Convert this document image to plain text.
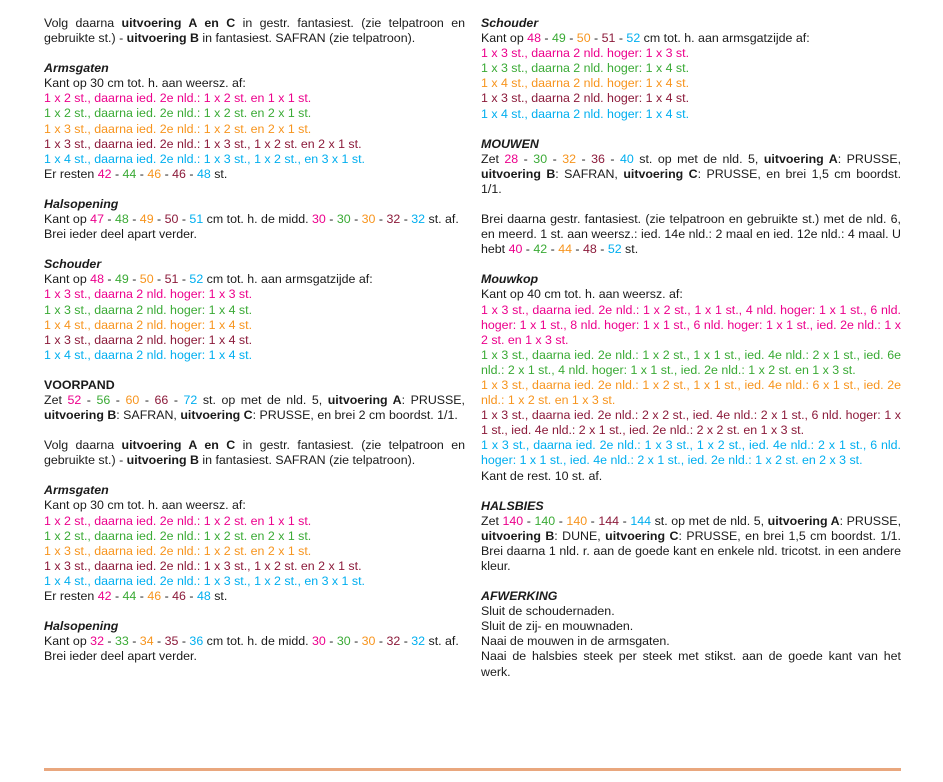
Volg daarna uitvoering A en C in gestr. fantasiest. (zie telpatroon en gebruikte st.) - uitvoering B in fantasiest. SAFRAN (zie telpatroon).
Armsgaten
Kant op 30 cm tot. h. aan weersz. af:
1 x 2 st., daarna ied. 2e nld.: 1 x 2 st. en 1 x 1 st.
1 x 2 st., daarna ied. 2e nld.: 1 x 2 st. en 2 x 1 st.
1 x 3 st., daarna ied. 2e nld.: 1 x 2 st. en 2 x 1 st.
1 x 3 st., daarna ied. 2e nld.: 1 x 3 st., 1 x 2 st. en 2 x 1 st.
1 x 4 st., daarna ied. 2e nld.: 1 x 3 st., 1 x 2 st., en 3 x 1 st.
Er resten 42 - 44 - 46 - 46 - 48 st.
Halsopening
Kant op 47 - 48 - 49 - 50 - 51 cm tot. h. de midd. 30 - 30 - 30 - 32 - 32 st. af.
Brei ieder deel apart verder.
Schouder
Kant op 48 - 49 - 50 - 51 - 52 cm tot. h. aan armsgatzijde af:
1 x 3 st., daarna 2 nld. hoger: 1 x 3 st.
1 x 3 st., daarna 2 nld. hoger: 1 x 4 st.
1 x 4 st., daarna 2 nld. hoger: 1 x 4 st.
1 x 3 st., daarna 2 nld. hoger: 1 x 4 st.
1 x 4 st., daarna 2 nld. hoger: 1 x 4 st.
VOORPAND
Zet 52 - 56 - 60 - 66 - 72 st. op met de nld. 5, uitvoering A: PRUSSE, uitvoering B: SAFRAN, uitvoering C: PRUSSE, en brei 2 cm boordst. 1/1.
Volg daarna uitvoering A en C in gestr. fantasiest. (zie telpatroon en gebruikte st.) - uitvoering B in fantasiest. SAFRAN (zie telpatroon).
Armsgaten
Kant op 30 cm tot. h. aan weersz. af:
1 x 2 st., daarna ied. 2e nld.: 1 x 2 st. en 1 x 1 st.
1 x 2 st., daarna ied. 2e nld.: 1 x 2 st. en 2 x 1 st.
1 x 3 st., daarna ied. 2e nld.: 1 x 2 st. en 2 x 1 st.
1 x 3 st., daarna ied. 2e nld.: 1 x 3 st., 1 x 2 st. en 2 x 1 st.
1 x 4 st., daarna ied. 2e nld.: 1 x 3 st., 1 x 2 st., en 3 x 1 st.
Er resten 42 - 44 - 46 - 46 - 48 st.
Halsopening
Kant op 32 - 33 - 34 - 35 - 36 cm tot. h. de midd. 30 - 30 - 30 - 32 - 32 st. af.
Brei ieder deel apart verder.
Schouder
Kant op 48 - 49 - 50 - 51 - 52 cm tot. h. aan armsgatzijde af:
1 x 3 st., daarna 2 nld. hoger: 1 x 3 st.
1 x 3 st., daarna 2 nld. hoger: 1 x 4 st.
1 x 4 st., daarna 2 nld. hoger: 1 x 4 st.
1 x 3 st., daarna 2 nld. hoger: 1 x 4 st.
1 x 4 st., daarna 2 nld. hoger: 1 x 4 st.
MOUWEN
Zet 28 - 30 - 32 - 36 - 40 st. op met de nld. 5, uitvoering A: PRUSSE, uitvoering B: SAFRAN, uitvoering C: PRUSSE, en brei 1,5 cm boordst. 1/1.
Brei daarna gestr. fantasiest. (zie telpatroon en gebruikte st.) met de nld. 6, en meerd. 1 st. aan weersz.: ied. 14e nld.: 2 maal en ied. 12e nld.: 4 maal. U hebt 40 - 42 - 44 - 48 - 52 st.
Mouwkop
Kant op 40 cm tot. h. aan weersz. af:
1 x 3 st., daarna ied. 2e nld.: 1 x 2 st., 1 x 1 st., 4 nld. hoger: 1 x 1 st., 6 nld. hoger: 1 x 1 st., 8 nld. hoger: 1 x 1 st., 6 nld. hoger: 1 x 1 st., ied. 2e nld.: 1 x 2 st. en 1 x 3 st.
1 x 3 st., daarna ied. 2e nld.: 1 x 2 st., 1 x 1 st., ied. 4e nld.: 2 x 1 st., ied. 6e nld.: 2 x 1 st., 4 nld. hoger: 1 x 1 st., ied. 2e nld.: 1 x 2 st. en 1 x 3 st.
1 x 3 st., daarna ied. 2e nld.: 1 x 2 st., 1 x 1 st., ied. 4e nld.: 6 x 1 st., ied. 2e nld.: 1 x 2 st. en 1 x 3 st.
1 x 3 st., daarna ied. 2e nld.: 2 x 2 st., ied. 4e nld.: 2 x 1 st., 6 nld. hoger: 1 x 1 st., ied. 4e nld.: 2 x 1 st., ied. 2e nld.: 2 x 2 st. en 1 x 3 st.
1 x 3 st., daarna ied. 2e nld.: 1 x 3 st., 1 x 2 st., ied. 4e nld.: 2 x 1 st., 6 nld. hoger: 1 x 1 st., ied. 4e nld.: 2 x 1 st., ied. 2e nld.: 1 x 2 st. en 2 x 3 st.
Kant de rest. 10 st. af.
HALSBIES
Zet 140 - 140 - 140 - 144 - 144 st. op met de nld. 5, uitvoering A: PRUSSE, uitvoering B: DUNE, uitvoering C: PRUSSE, en brei 1,5 cm boordst. 1/1. Brei daarna 1 nld. r. aan de goede kant en enkele nld. tricotst. in een andere kleur.
AFWERKING
Sluit de schoudernaden.
Sluit de zij- en mouwnaden.
Naai de mouwen in de armsgaten.
Naai de halsbies steek per steek met stikst. aan de goede kant van het werk.
